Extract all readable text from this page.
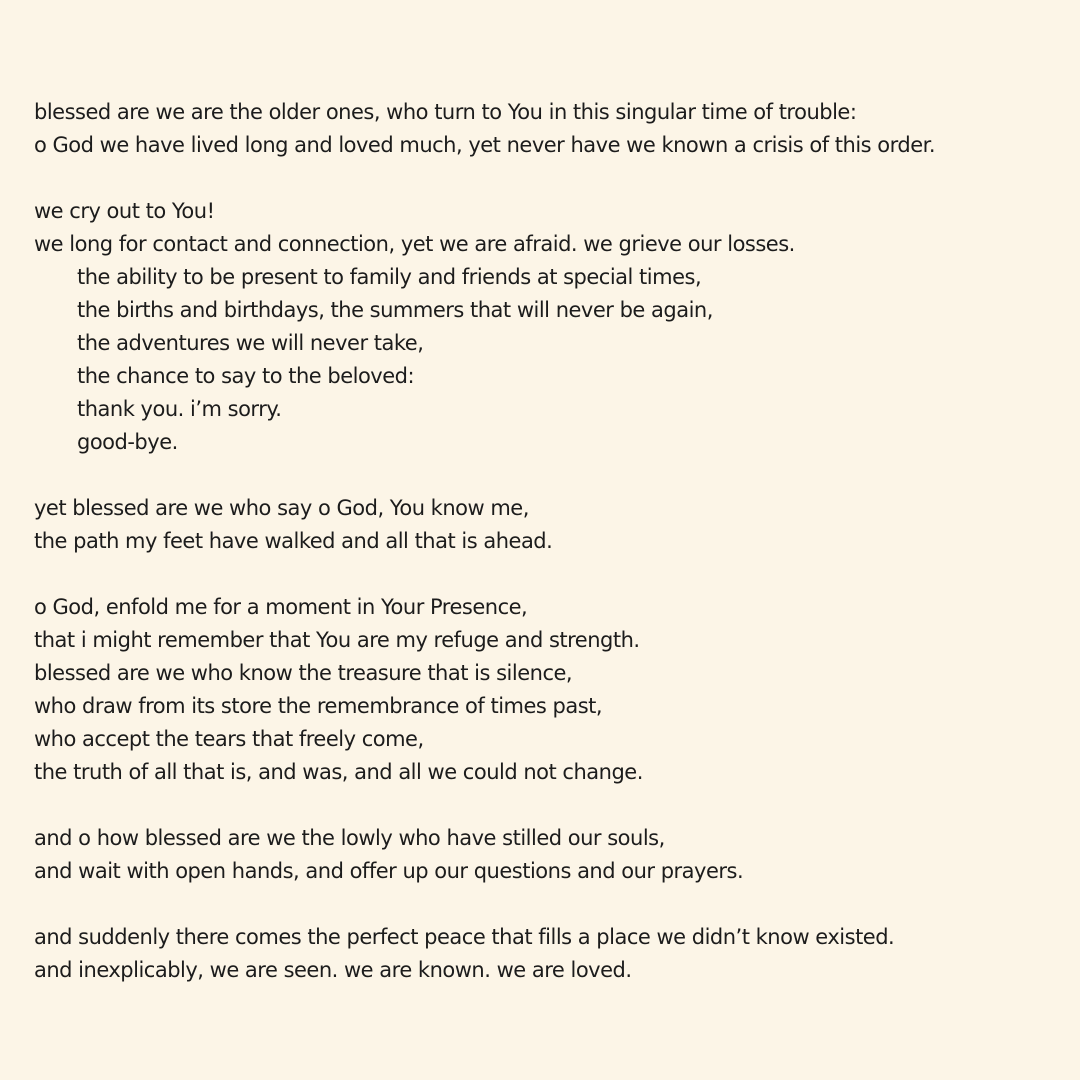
blessed are we are the older ones, who turn to You in this singular time of trouble:
o God we have lived long and loved much, yet never have we known a crisis of this order.
we cry out to You!
we long for contact and connection, yet we are afraid. we grieve our losses.
the ability to be present to family and friends at special times,
the births and birthdays, the summers that will never be again,
the adventures we will never take,
the chance to say to the beloved:
thank you. i’m sorry.
good-bye.
yet blessed are we who say o God, You know me,
the path my feet have walked and all that is ahead.
o God, enfold me for a moment in Your Presence,
that i might remember that You are my refuge and strength.
blessed are we who know the treasure that is silence,
who draw from its store the remembrance of times past,
who accept the tears that freely come,
the truth of all that is, and was, and all we could not change.
and o how blessed are we the lowly who have stilled our souls,
and wait with open hands, and offer up our questions and our prayers.
and suddenly there comes the perfect peace that fills a place we didn’t know existed.
and inexplicably, we are seen. we are known. we are loved.
